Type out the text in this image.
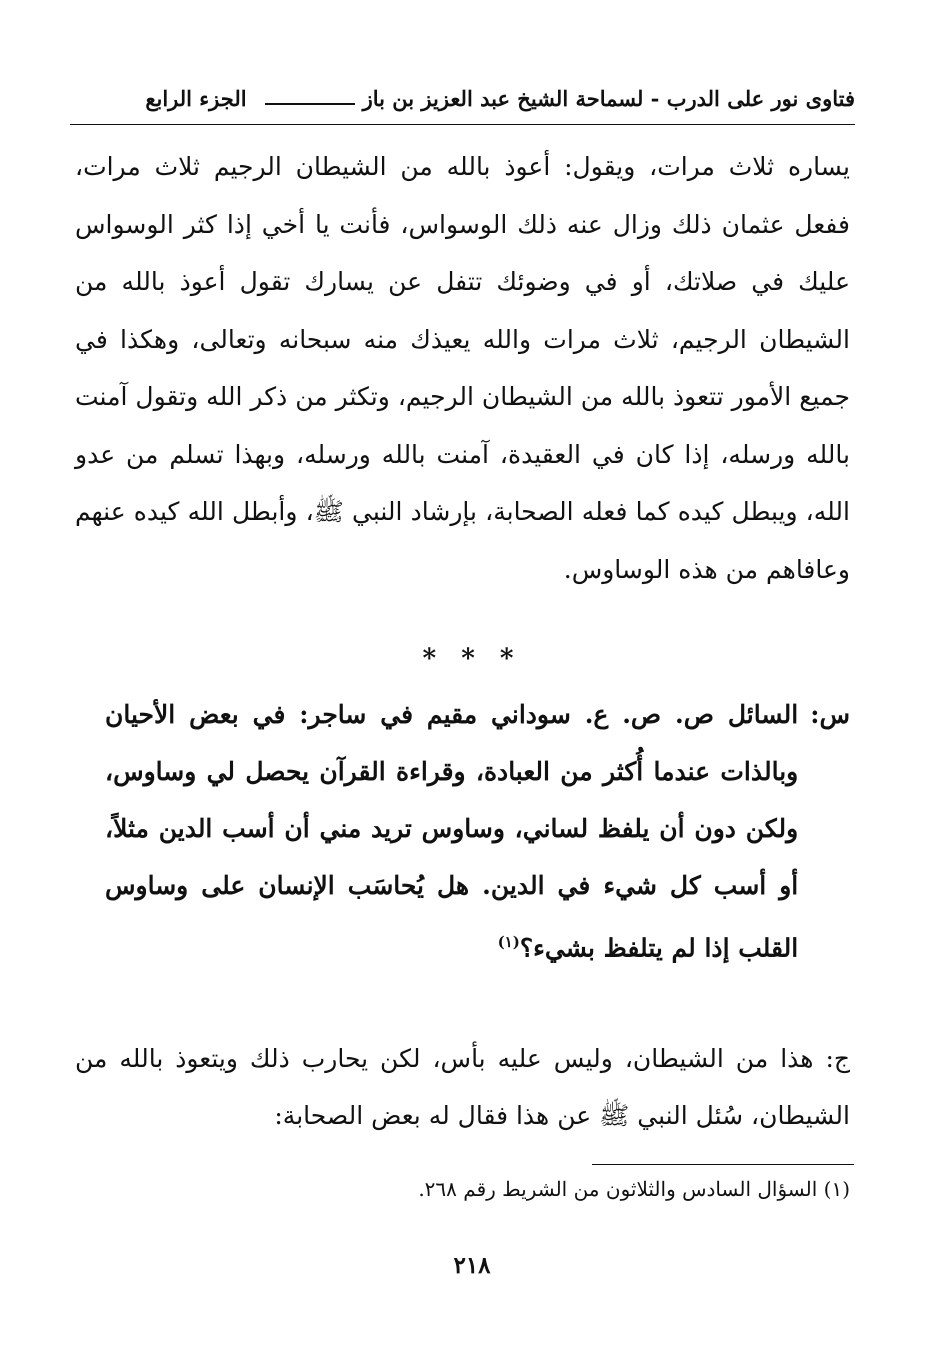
فتاوى نور على الدرب - لسماحة الشيخ عبد العزيز بن باز
الجزء الرابع

يساره ثلاث مرات، ويقول: أعوذ بالله من الشيطان الرجيم ثلاث مرات، ففعل عثمان ذلك وزال عنه ذلك الوسواس، فأنت يا أخي إذا كثر الوسواس عليك في صلاتك، أو في وضوئك تتفل عن يسارك تقول أعوذ بالله من الشيطان الرجيم، ثلاث مرات والله يعيذك منه سبحانه وتعالى، وهكذا في جميع الأمور تتعوذ بالله من الشيطان الرجيم، وتكثر من ذكر الله وتقول آمنت بالله ورسله، إذا كان في العقيدة، آمنت بالله ورسله، وبهذا تسلم من عدو الله، ويبطل كيده كما فعله الصحابة، بإرشاد النبي ﷺ، وأبطل الله كيده عنهم وعافاهم من هذه الوساوس.

* * *
س:
السائل ص. ص. ع. سوداني مقيم في ساجر: في بعض الأحيان وبالذات عندما أُكثر من العبادة، وقراءة القرآن يحصل لي وساوس، ولكن دون أن يلفظ لساني، وساوس تريد مني أن أسب الدين مثلاً، أو أسب كل شيء في الدين. هل يُحاسَب الإنسان على وساوس القلب إذا لم يتلفظ بشيء؟$^{(١)}$
ج: هذا من الشيطان، وليس عليه بأس، لكن يحارب ذلك ويتعوذ بالله من الشيطان، سُئل النبي ﷺ عن هذا فقال له بعض الصحابة:
(١) السؤال السادس والثلاثون من الشريط رقم ٢٦٨.
٢١٨
